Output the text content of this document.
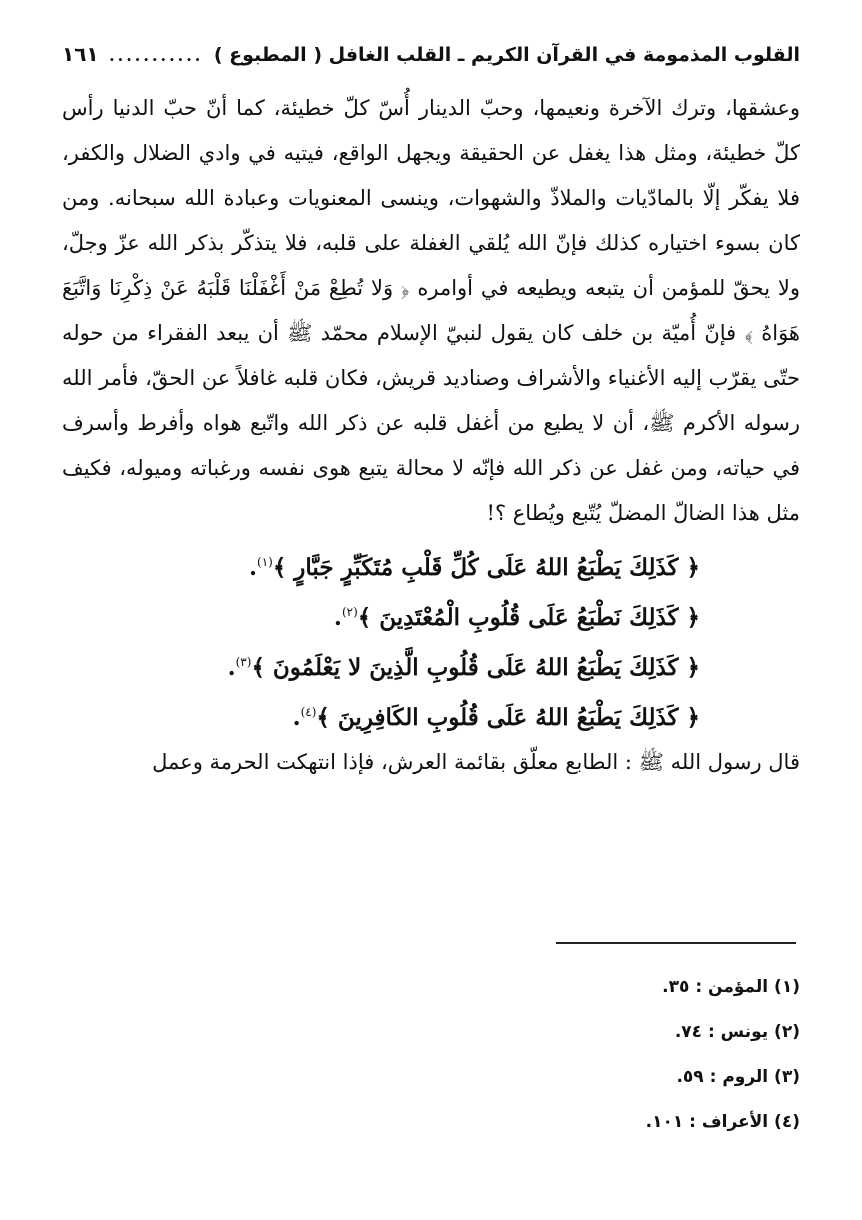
القلوب المذمومة في القرآن الكريم ـ القلب الغافل ( المطبوع )
...........
١٦١
وعشقها، وترك الآخرة ونعيمها، وحبّ الدينار أُسّ كلّ خطيئة، كما أنّ حبّ الدنيا رأس كلّ خطيئة، ومثل هذا يغفل عن الحقيقة ويجهل الواقع، فيتيه في وادي الضلال والكفر، فلا يفكّر إلّا بالمادّيات والملاذّ والشهوات، وينسى المعنويات وعبادة الله سبحانه. ومن كان بسوء اختياره كذلك فإنّ الله يُلقي الغفلة على قلبه، فلا يتذكّر بذكر الله عزّ وجلّ، ولا يحقّ للمؤمن أن يتبعه ويطيعه في أوامره ﴿ وَلا تُطِعْ مَنْ أَغْفَلْنَا قَلْبَهُ عَنْ ذِكْرِنَا وَاتَّبَعَ هَوَاهُ ﴾ فإنّ أُميّة بن خلف كان يقول لنبيّ الإسلام محمّد ﷺ أن يبعد الفقراء من حوله حتّى يقرّب إليه الأغنياء والأشراف وصناديد قريش، فكان قلبه غافلاً عن الحقّ، فأمر الله رسوله الأكرم ﷺ، أن لا يطيع من أغفل قلبه عن ذكر الله واتّبع هواه وأفرط وأسرف في حياته، ومن غفل عن ذكر الله فإنّه لا محالة يتبع هوى نفسه ورغباته وميوله، فكيف مثل هذا الضالّ المضلّ يُتّبع ويُطاع ؟!
﴿ كَذَلِكَ يَطْبَعُ اللهُ عَلَى كُلِّ قَلْبِ مُتَكَبِّرٍ جَبَّارٍ ﴾$^{(١)}$.
﴿ كَذَلِكَ نَطْبَعُ عَلَى قُلُوبِ الْمُعْتَدِينَ ﴾$^{(٢)}$.
﴿ كَذَلِكَ يَطْبَعُ اللهُ عَلَى قُلُوبِ الَّذِينَ لا يَعْلَمُونَ ﴾$^{(٣)}$.
﴿ كَذَلِكَ يَطْبَعُ اللهُ عَلَى قُلُوبِ الكَافِرِينَ ﴾$^{(٤)}$.
قال رسول الله ﷺ : الطابع معلّق بقائمة العرش، فإذا انتهكت الحرمة وعمل
(١) المؤمن : ٣٥.
(٢) يونس : ٧٤.
(٣) الروم : ٥٩.
(٤) الأعراف : ١٠١.
